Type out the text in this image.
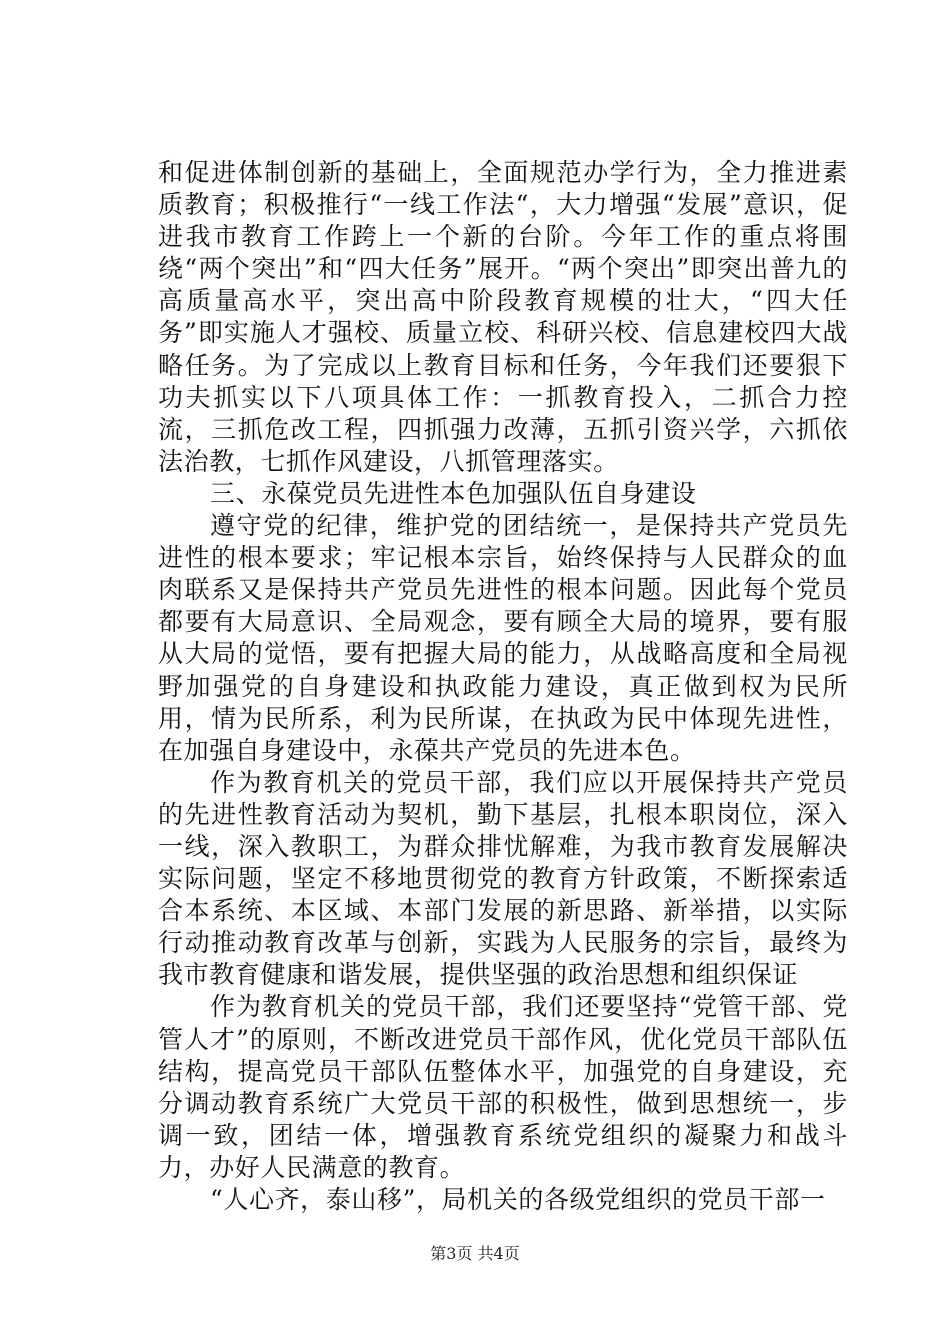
和促进体制创新的基础上，全面规范办学行为，全力推进素质教育；积极推行“一线工作法“，大力增强“发展”意识，促进我市教育工作跨上一个新的台阶。今年工作的重点将围绕“两个突出”和“四大任务”展开。“两个突出”即突出普九的高质量高水平，突出高中阶段教育规模的壮大，“四大任务”即实施人才强校、质量立校、科研兴校、信息建校四大战略任务。为了完成以上教育目标和任务，今年我们还要狠下功夫抓实以下八项具体工作：一抓教育投入，二抓合力控流，三抓危改工程，四抓强力改薄，五抓引资兴学，六抓依法治教，七抓作风建设，八抓管理落实。

三、永葆党员先进性本色加强队伍自身建设

遵守党的纪律，维护党的团结统一，是保持共产党员先进性的根本要求；牢记根本宗旨，始终保持与人民群众的血肉联系又是保持共产党员先进性的根本问题。因此每个党员都要有大局意识、全局观念，要有顾全大局的境界，要有服从大局的觉悟，要有把握大局的能力，从战略高度和全局视野加强党的自身建设和执政能力建设，真正做到权为民所用，情为民所系，利为民所谋，在执政为民中体现先进性，在加强自身建设中，永葆共产党员的先进本色。

作为教育机关的党员干部，我们应以开展保持共产党员的先进性教育活动为契机，勤下基层，扎根本职岗位，深入一线，深入教职工，为群众排忧解难，为我市教育发展解决实际问题，坚定不移地贯彻党的教育方针政策，不断探索适合本系统、本区域、本部门发展的新思路、新举措，以实际行动推动教育改革与创新，实践为人民服务的宗旨，最终为我市教育健康和谐发展，提供坚强的政治思想和组织保证

作为教育机关的党员干部，我们还要坚持“党管干部、党管人才”的原则，不断改进党员干部作风，优化党员干部队伍结构，提高党员干部队伍整体水平，加强党的自身建设，充分调动教育系统广大党员干部的积极性，做到思想统一，步调一致，团结一体，增强教育系统党组织的凝聚力和战斗力，办好人民满意的教育。

“人心齐，泰山移”，局机关的各级党组织的党员干部一

第3页 共4页
